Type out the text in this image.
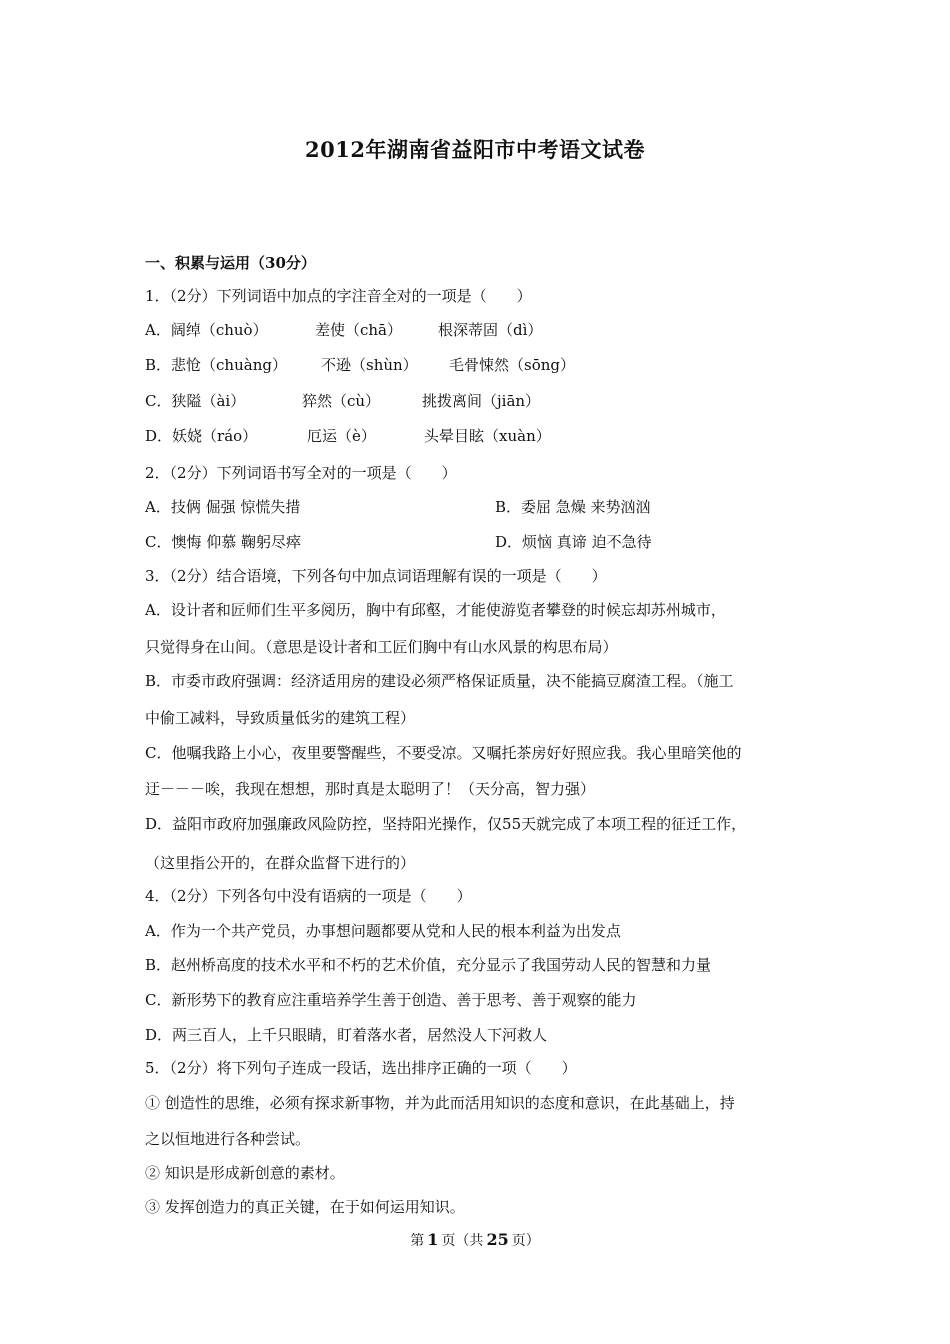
2012年湖南省益阳市中考语文试卷
一、积累与运用（30分）
1．（2分）下列词语中加点的字注音全对的一项是（　　）
A．阔绰（chuò）	差使（chā） 根深蒂固（dì）
B．悲怆（chuàng） 不逊（shùn） 毛骨悚然（sōng）
C．狭隘（ài）	猝然（cù）	挑拨离间（jiān）
D．妖娆（ráo）	厄运（è）	头晕目眩（xuàn）
2．（2分）下列词语书写全对的一项是（　　）
A．技俩 倔强 惊慌失措	B．委屈 急燥 来势汹汹
C．懊悔 仰慕 鞠躬尽瘁	D．烦恼 真谛 迫不急待
3．（2分）结合语境，下列各句中加点词语理解有误的一项是（　　）
A．设计者和匠师们生平多阅历，胸中有邱壑，才能使游览者攀登的时候忘却苏州城市，
只觉得身在山间。（意思是设计者和工匠们胸中有山水风景的构思布局）
B．市委市政府强调：经济适用房的建设必须严格保证质量，决不能搞豆腐渣工程。（施工
中偷工减料，导致质量低劣的建筑工程）
C．他嘱我路上小心，夜里要警醒些，不要受凉。又嘱托茶房好好照应我。我心里暗笑他的
迂－－－唉，我现在想想，那时真是太聪明了！（天分高，智力强）
D．益阳市政府加强廉政风险防控，坚持阳光操作，仅55天就完成了本项工程的征迁工作，
（这里指公开的，在群众监督下进行的）
4．（2分）下列各句中没有语病的一项是（　　）
A．作为一个共产党员，办事想问题都要从党和人民的根本利益为出发点
B．赵州桥高度的技术水平和不朽的艺术价值，充分显示了我国劳动人民的智慧和力量
C．新形势下的教育应注重培养学生善于创造、善于思考、善于观察的能力
D．两三百人，上千只眼睛，盯着落水者，居然没人下河救人
5．（2分）将下列句子连成一段话，选出排序正确的一项（　　）
① 创造性的思维，必须有探求新事物，并为此而活用知识的态度和意识，在此基础上，持
之以恒地进行各种尝试。
② 知识是形成新创意的素材。
③ 发挥创造力的真正关键，在于如何运用知识。
第 1 页（共 25 页）
